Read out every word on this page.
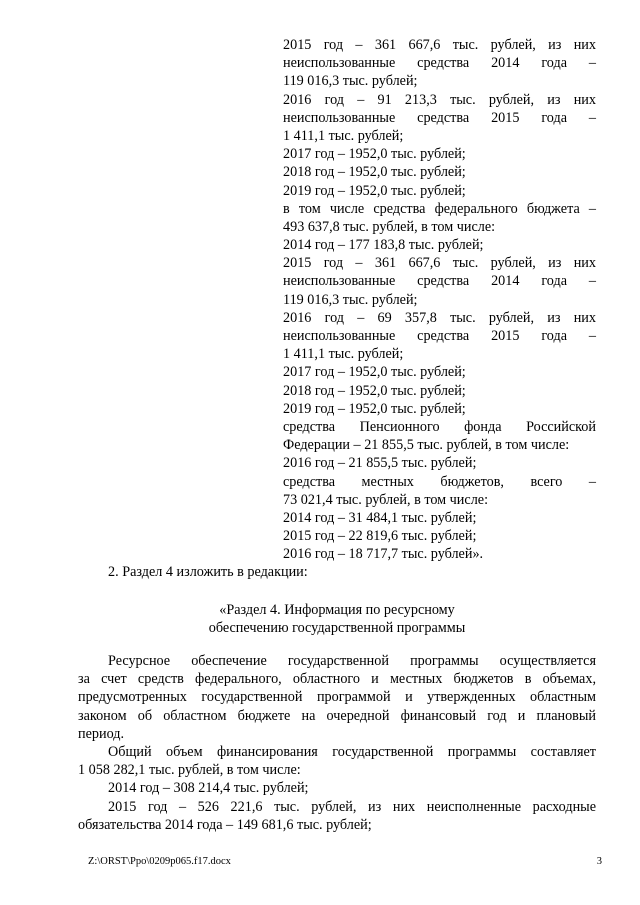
2015 год – 361 667,6 тыс. рублей, из них
неиспользованные средства 2014 года –
119 016,3 тыс. рублей;
2016 год – 91 213,3 тыс. рублей, из них
неиспользованные средства 2015 года –
1 411,1 тыс. рублей;
2017 год – 1952,0 тыс. рублей;
2018 год – 1952,0 тыс. рублей;
2019 год – 1952,0 тыс. рублей;
в том числе средства федерального бюджета –
493 637,8 тыс. рублей, в том числе:
2014 год – 177 183,8 тыс. рублей;
2015 год – 361 667,6 тыс. рублей, из них
неиспользованные средства 2014 года –
119 016,3 тыс. рублей;
2016 год – 69 357,8 тыс. рублей, из них
неиспользованные средства 2015 года –
1 411,1 тыс. рублей;
2017 год – 1952,0 тыс. рублей;
2018 год – 1952,0 тыс. рублей;
2019 год – 1952,0 тыс. рублей;
средства Пенсионного фонда Российской
Федерации – 21 855,5 тыс. рублей, в том числе:
2016 год – 21 855,5 тыс. рублей;
средства местных бюджетов, всего –
73 021,4 тыс. рублей, в том числе:
2014 год – 31 484,1 тыс. рублей;
2015 год – 22 819,6 тыс. рублей;
2016 год – 18 717,7 тыс. рублей».
2. Раздел 4 изложить в редакции:
«Раздел 4. Информация по ресурсному
обеспечению государственной программы
Ресурсное обеспечение государственной программы осуществляется
за счет средств федерального, областного и местных бюджетов в объемах,
предусмотренных государственной программой и утвержденных областным
законом об областном бюджете на очередной финансовый год и плановый
период.
Общий объем финансирования государственной программы составляет
1 058 282,1 тыс. рублей, в том числе:
2014 год – 308 214,4 тыс. рублей;
2015 год – 526 221,6 тыс. рублей, из них неисполненные расходные
обязательства 2014 года – 149 681,6 тыс. рублей;
Z:\ORST\Ppo\0209p065.f17.docx	3
